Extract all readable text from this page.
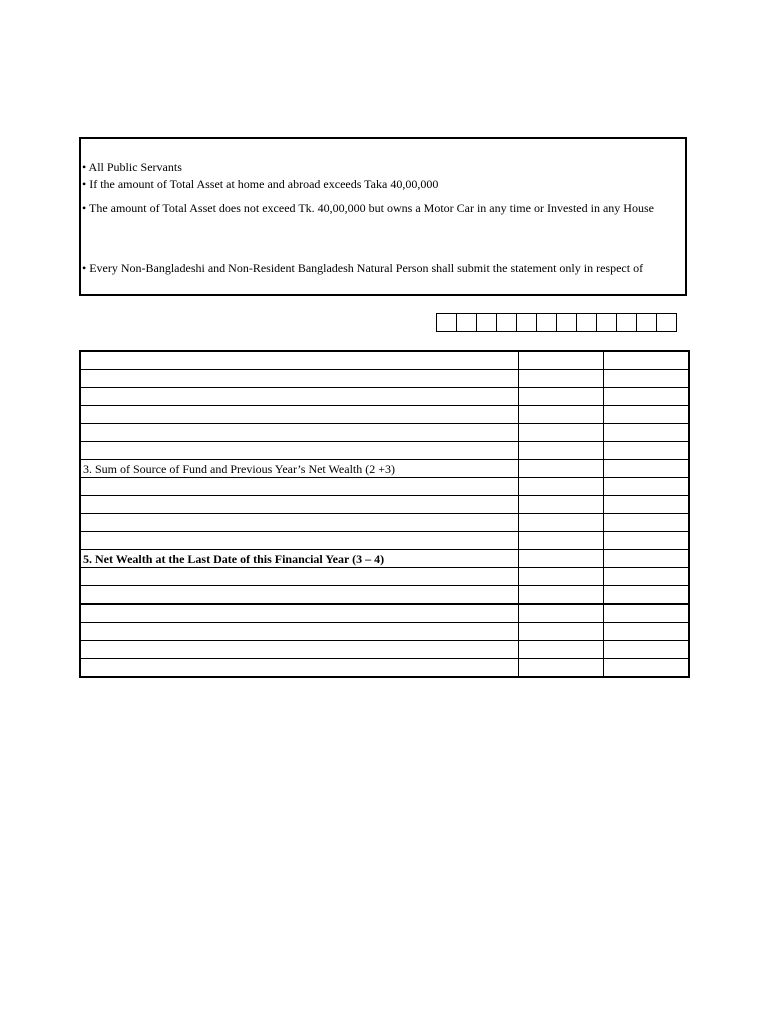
• All Public Servants
• If the amount of Total Asset at home and abroad exceeds Taka 40,00,000
• The amount of Total Asset does not exceed Tk. 40,00,000 but owns a Motor Car in any time or Invested in any House
• Every Non-Bangladeshi and Non-Resident Bangladesh Natural Person shall submit the statement only in respect of

3. Sum of Source of Fund and Previous Year’s Net Wealth (2 +3)		

5. Net Wealth at the Last Date of this Financial Year (3 – 4)		
